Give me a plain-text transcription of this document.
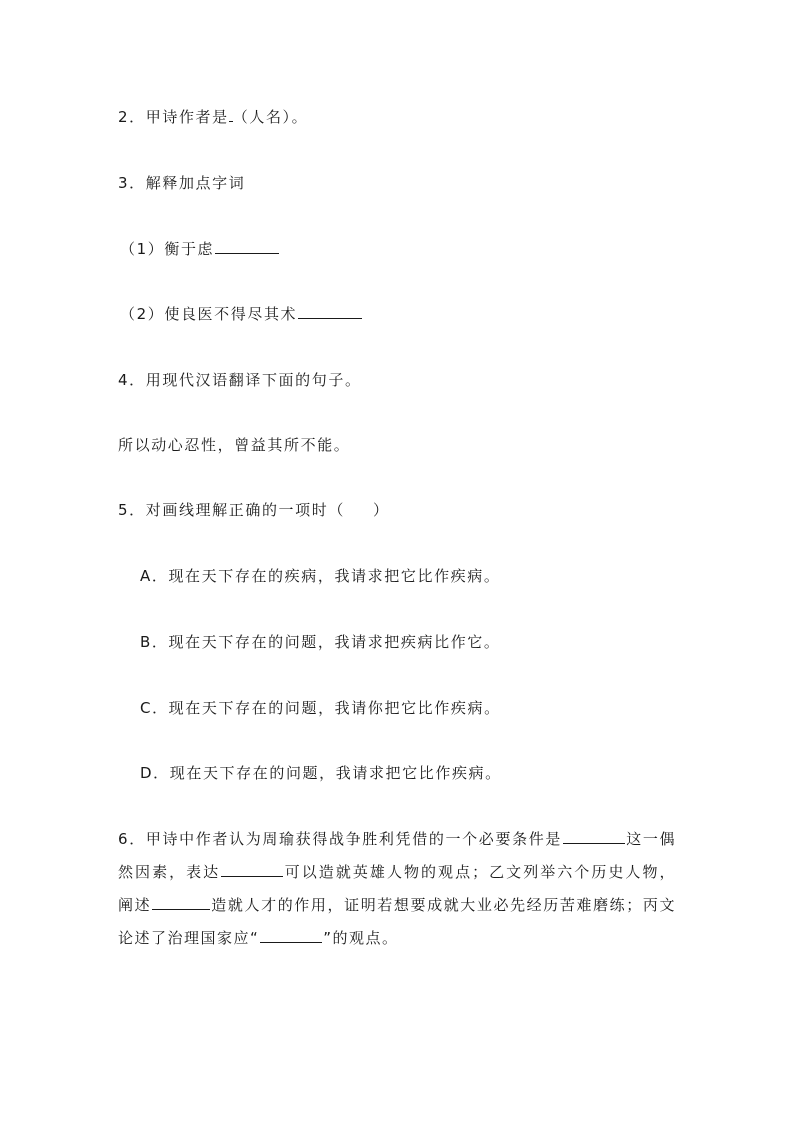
2．甲诗作者是 （人名）。
3．解释加点字词
（1）衡于虑
（2）使良医不得尽其术
4．用现代汉语翻译下面的句子。
所以动心忍性，曾益其所不能。
5．对画线理解正确的一项时（ ）
A．现在天下存在的疾病，我请求把它比作疾病。
B．现在天下存在的问题，我请求把疾病比作它。
C．现在天下存在的问题，我请你把它比作疾病。
D．现在天下存在的问题，我请求把它比作疾病。
6．甲诗中作者认为周瑜获得战争胜利凭借的一个必要条件是	这一偶然因素，表达	可以造就英雄人物的观点；乙文列举六个历史人物，阐述	造就人才的作用，证明若想要成就大业必先经历苦难磨练；丙文论述了治理国家应“	”的观点。
